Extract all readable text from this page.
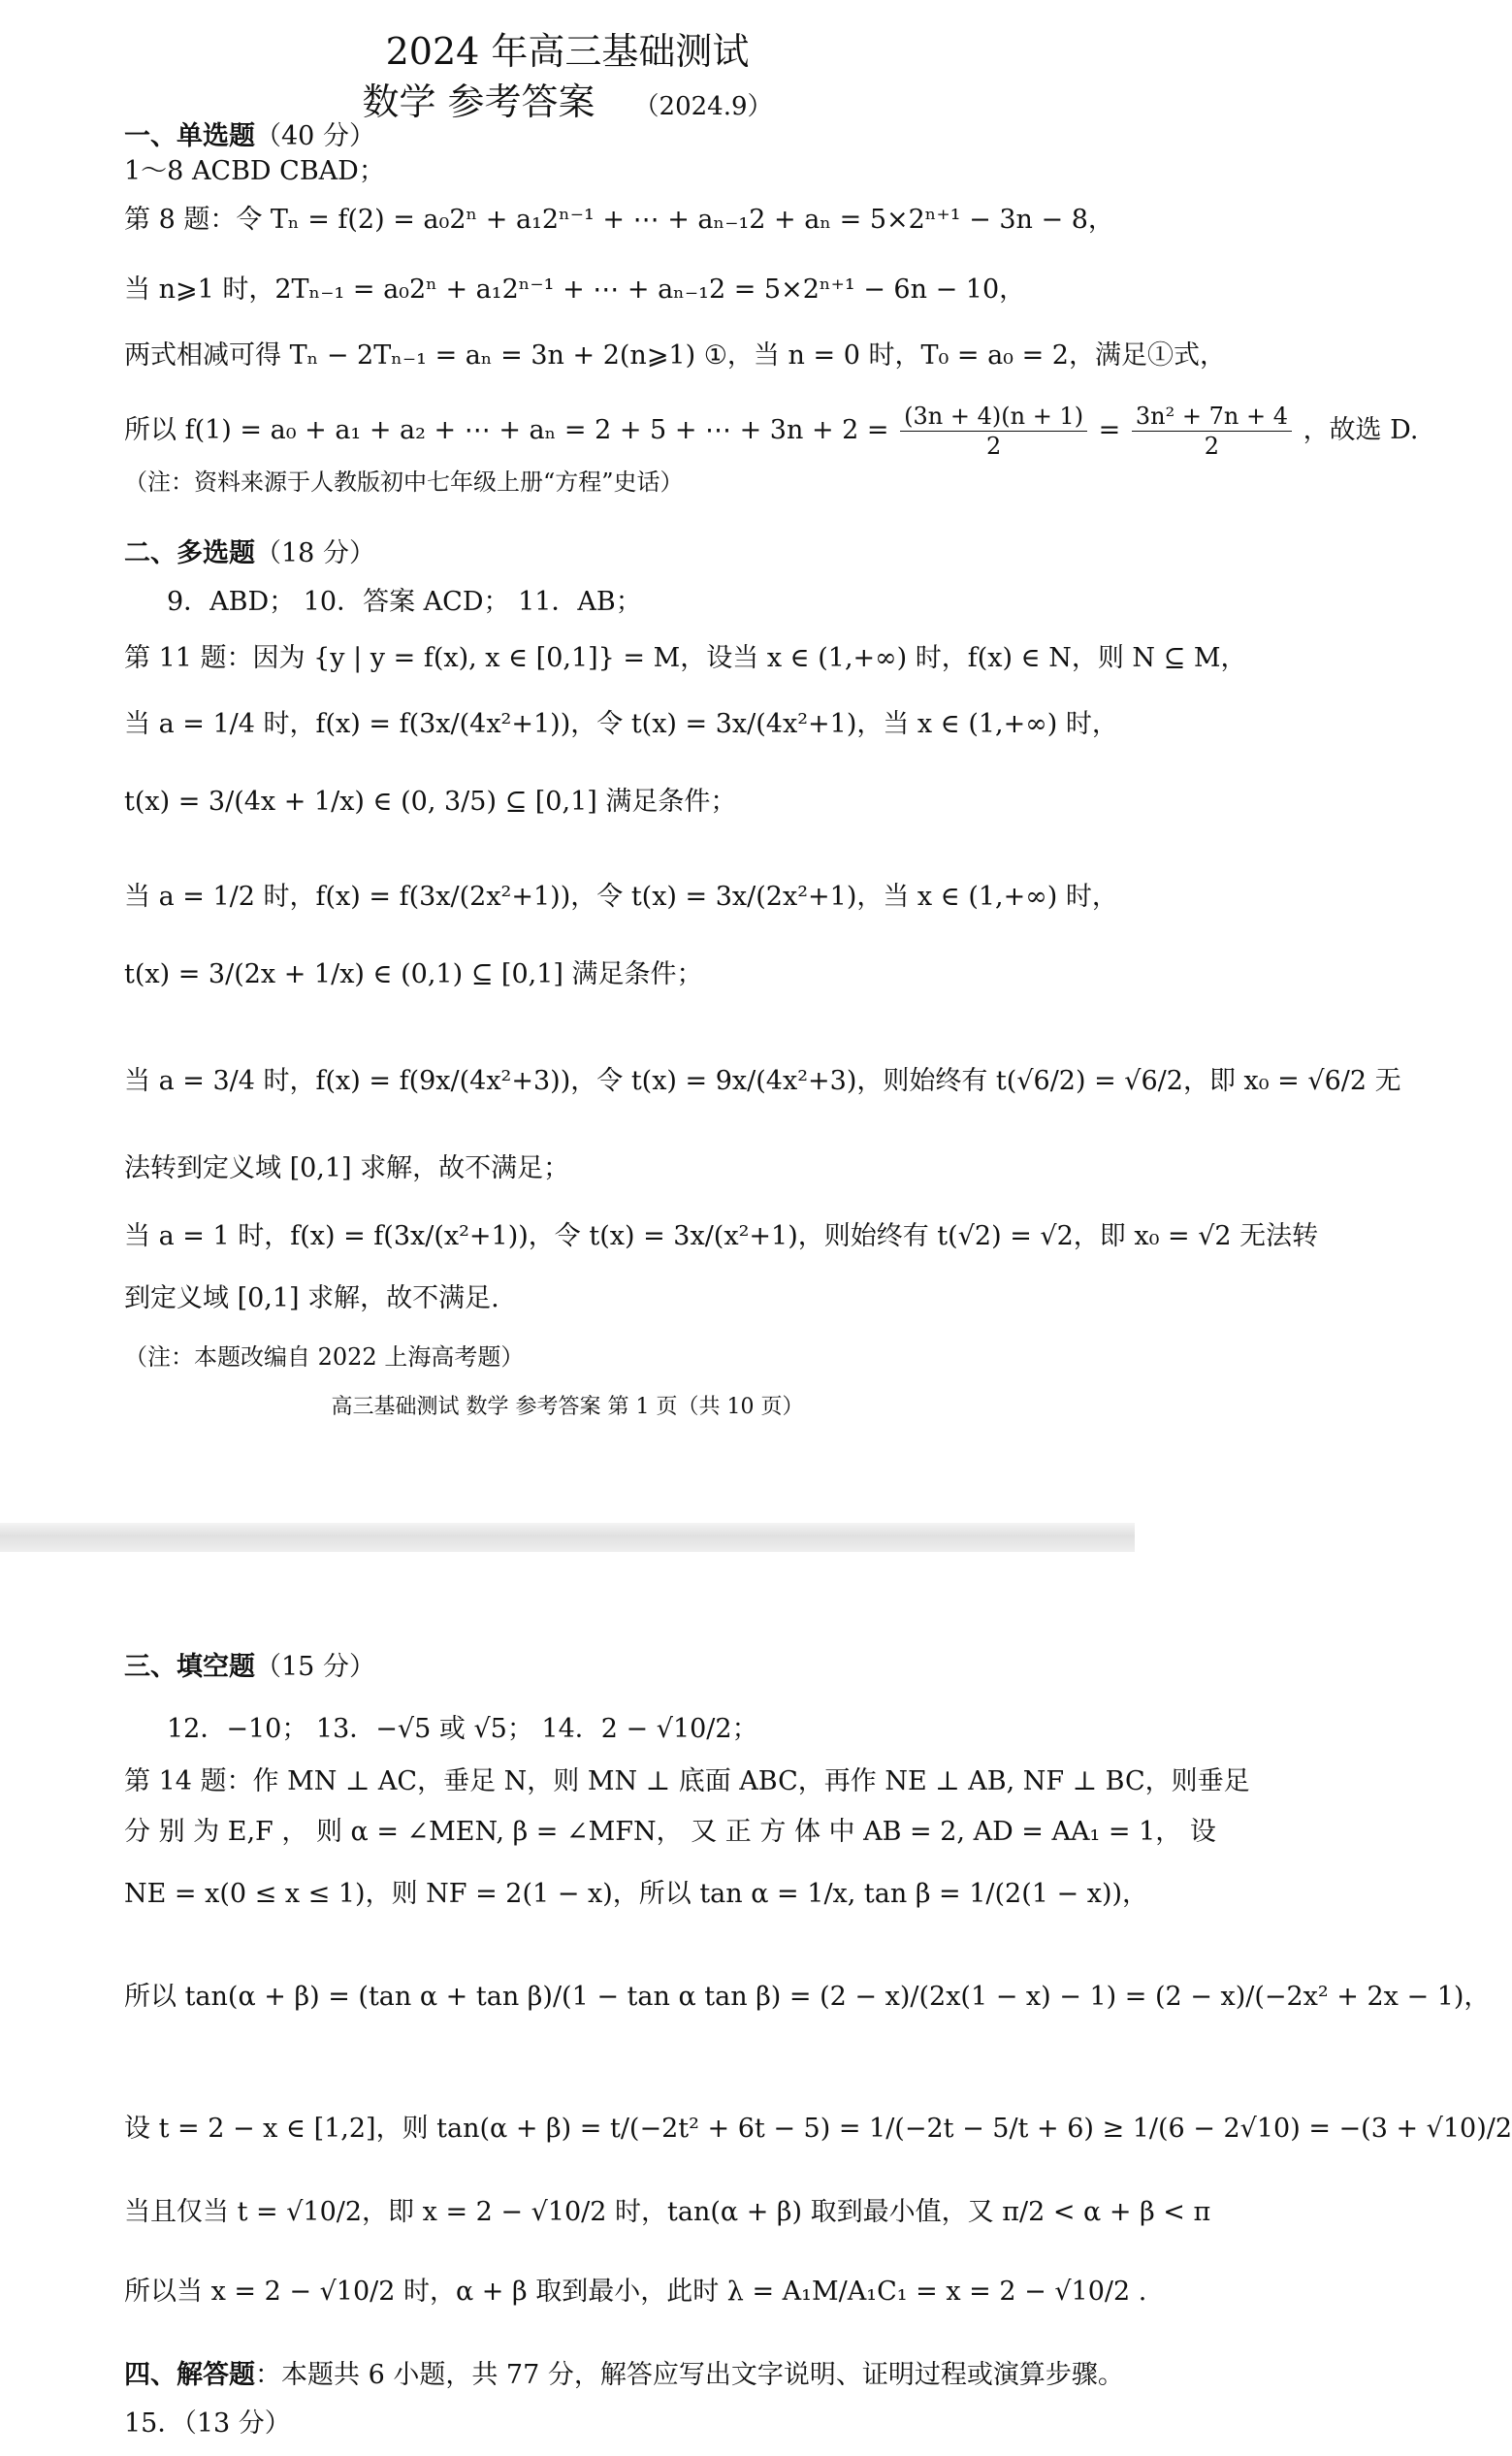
2024 年高三基础测试
数学 参考答案 （2024.9）
一、单选题（40 分）
1～8 ACBD CBAD；
第 8 题：令 Tₙ = f(2) = a₀2ⁿ + a₁2ⁿ⁻¹ + ⋯ + aₙ₋₁2 + aₙ = 5×2ⁿ⁺¹ − 3n − 8，
当 n⩾1 时，2Tₙ₋₁ = a₀2ⁿ + a₁2ⁿ⁻¹ + ⋯ + aₙ₋₁2 = 5×2ⁿ⁺¹ − 6n − 10，
两式相减可得 Tₙ − 2Tₙ₋₁ = aₙ = 3n + 2(n⩾1) ①，当 n = 0 时，T₀ = a₀ = 2，满足①式，
所以 f(1) = a₀ + a₁ + a₂ + ⋯ + aₙ = 2 + 5 + ⋯ + $3n + 2 = \frac{(3n + 4)(n + 1)}{2} = \frac{\text{3n² + 7n + 4}}{2}$ ，故选 D.
（注：资料来源于人教版初中七年级上册“方程”史话）
二、多选题（18 分）
9．ABD； 10．答案 ACD； 11．AB；
第 11 题：因为 {y | y = f(x), x ∈ [0,1]} = M，设当 x ∈ (1,+∞) 时，f(x) ∈ N，则 N ⊆ M，
当 a = 1/4 时，f(x) = f(3x/(4x²+1))，令 t(x) = 3x/(4x²+1)，当 x ∈ (1,+∞) 时，
t(x) = 3/(4x + 1/x) ∈ (0, 3/5) ⊆ [0,1] 满足条件；
当 a = 1/2 时，f(x) = f(3x/(2x²+1))，令 t(x) = 3x/(2x²+1)，当 x ∈ (1,+∞) 时，
t(x) = 3/(2x + 1/x) ∈ (0,1) ⊆ [0,1] 满足条件；
当 a = 3/4 时，f(x) = f(9x/(4x²+3))，令 t(x) = 9x/(4x²+3)，则始终有 t(√6/2) = √6/2，即 x₀ = √6/2 无
法转到定义域 [0,1] 求解，故不满足；
当 a = 1 时，f(x) = f(3x/(x²+1))，令 t(x) = 3x/(x²+1)，则始终有 t(√2) = √2，即 x₀ = √2 无法转
到定义域 [0,1] 求解，故不满足.
（注：本题改编自 2022 上海高考题）
高三基础测试 数学 参考答案 第 1 页（共 10 页）
三、填空题（15 分）
12．−10； 13．−√5 或 √5； 14．2 − √10/2；
第 14 题：作 MN ⊥ AC，垂足 N，则 MN ⊥ 底面 ABC，再作 NE ⊥ AB, NF ⊥ BC，则垂足
分 别 为 E,F ， 则 α = ∠MEN, β = ∠MFN， 又 正 方 体 中 AB = 2, AD = AA₁ = 1， 设
NE = x(0 ≤ x ≤ 1)，则 NF = 2(1 − x)，所以 tan α = 1/x, tan β = 1/(2(1 − x))，
所以 tan(α + β) = (tan α + tan β)/(1 − tan α tan β) = (2 − x)/(2x(1 − x) − 1) = (2 − x)/(−2x² + 2x − 1)，
设 t = 2 − x ∈ [1,2]，则 tan(α + β) = t/(−2t² + 6t − 5) = 1/(−2t − 5/t + 6) ≥ 1/(6 − 2√10) = −(3 + √10)/2
当且仅当 t = √10/2，即 x = 2 − √10/2 时，tan(α + β) 取到最小值，又 π/2 < α + β < π
所以当 x = 2 − √10/2 时，α + β 取到最小，此时 λ = A₁M/A₁C₁ = x = 2 − √10/2 .
四、解答题：本题共 6 小题，共 77 分，解答应写出文字说明、证明过程或演算步骤。
15．（13 分）
